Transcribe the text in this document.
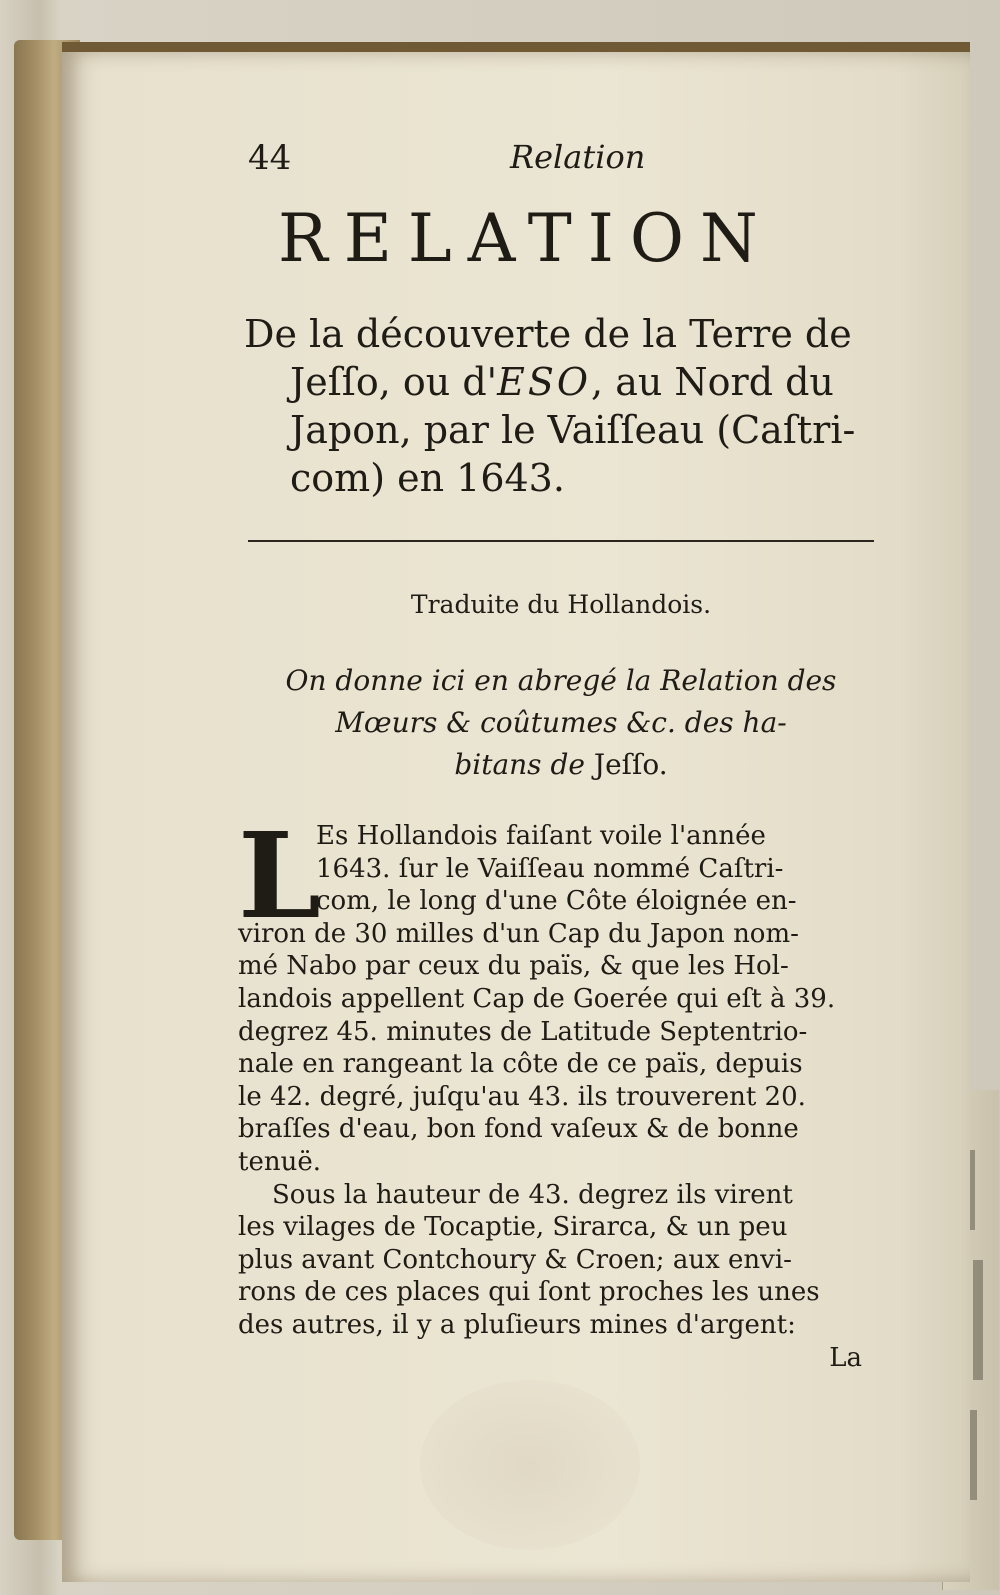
44	Relation
RELATION
De la découverte de la Terre de
Jeſſo, ou d'ESO, au Nord du
Japon, par le Vaiſſeau (Caſtri-
com) en 1643.
Traduite du Hollandois.
On donne ici en abregé la Relation des
Mœurs & coûtumes &c. des ha-
bitans de Jeſſo.
L
Es Hollandois faiſant voile l'année
1643. ſur le Vaiſſeau nommé Caſtri-
com, le long d'une Côte éloignée en-
viron de 30 milles d'un Cap du Japon nom-
mé Nabo par ceux du païs, & que les Hol-
landois appellent Cap de Goerée qui eſt à 39.
degrez 45. minutes de Latitude Septentrio-
nale en rangeant la côte de ce païs, depuis
le 42. degré, juſqu'au 43. ils trouverent 20.
braſſes d'eau, bon fond vaſeux & de bonne
tenuë.
Sous la hauteur de 43. degrez ils virent
les vilages de Tocaptie, Sirarca, & un peu
plus avant Contchoury & Croen; aux envi-
rons de ces places qui ſont proches les unes
des autres, il y a pluſieurs mines d'argent:
La
